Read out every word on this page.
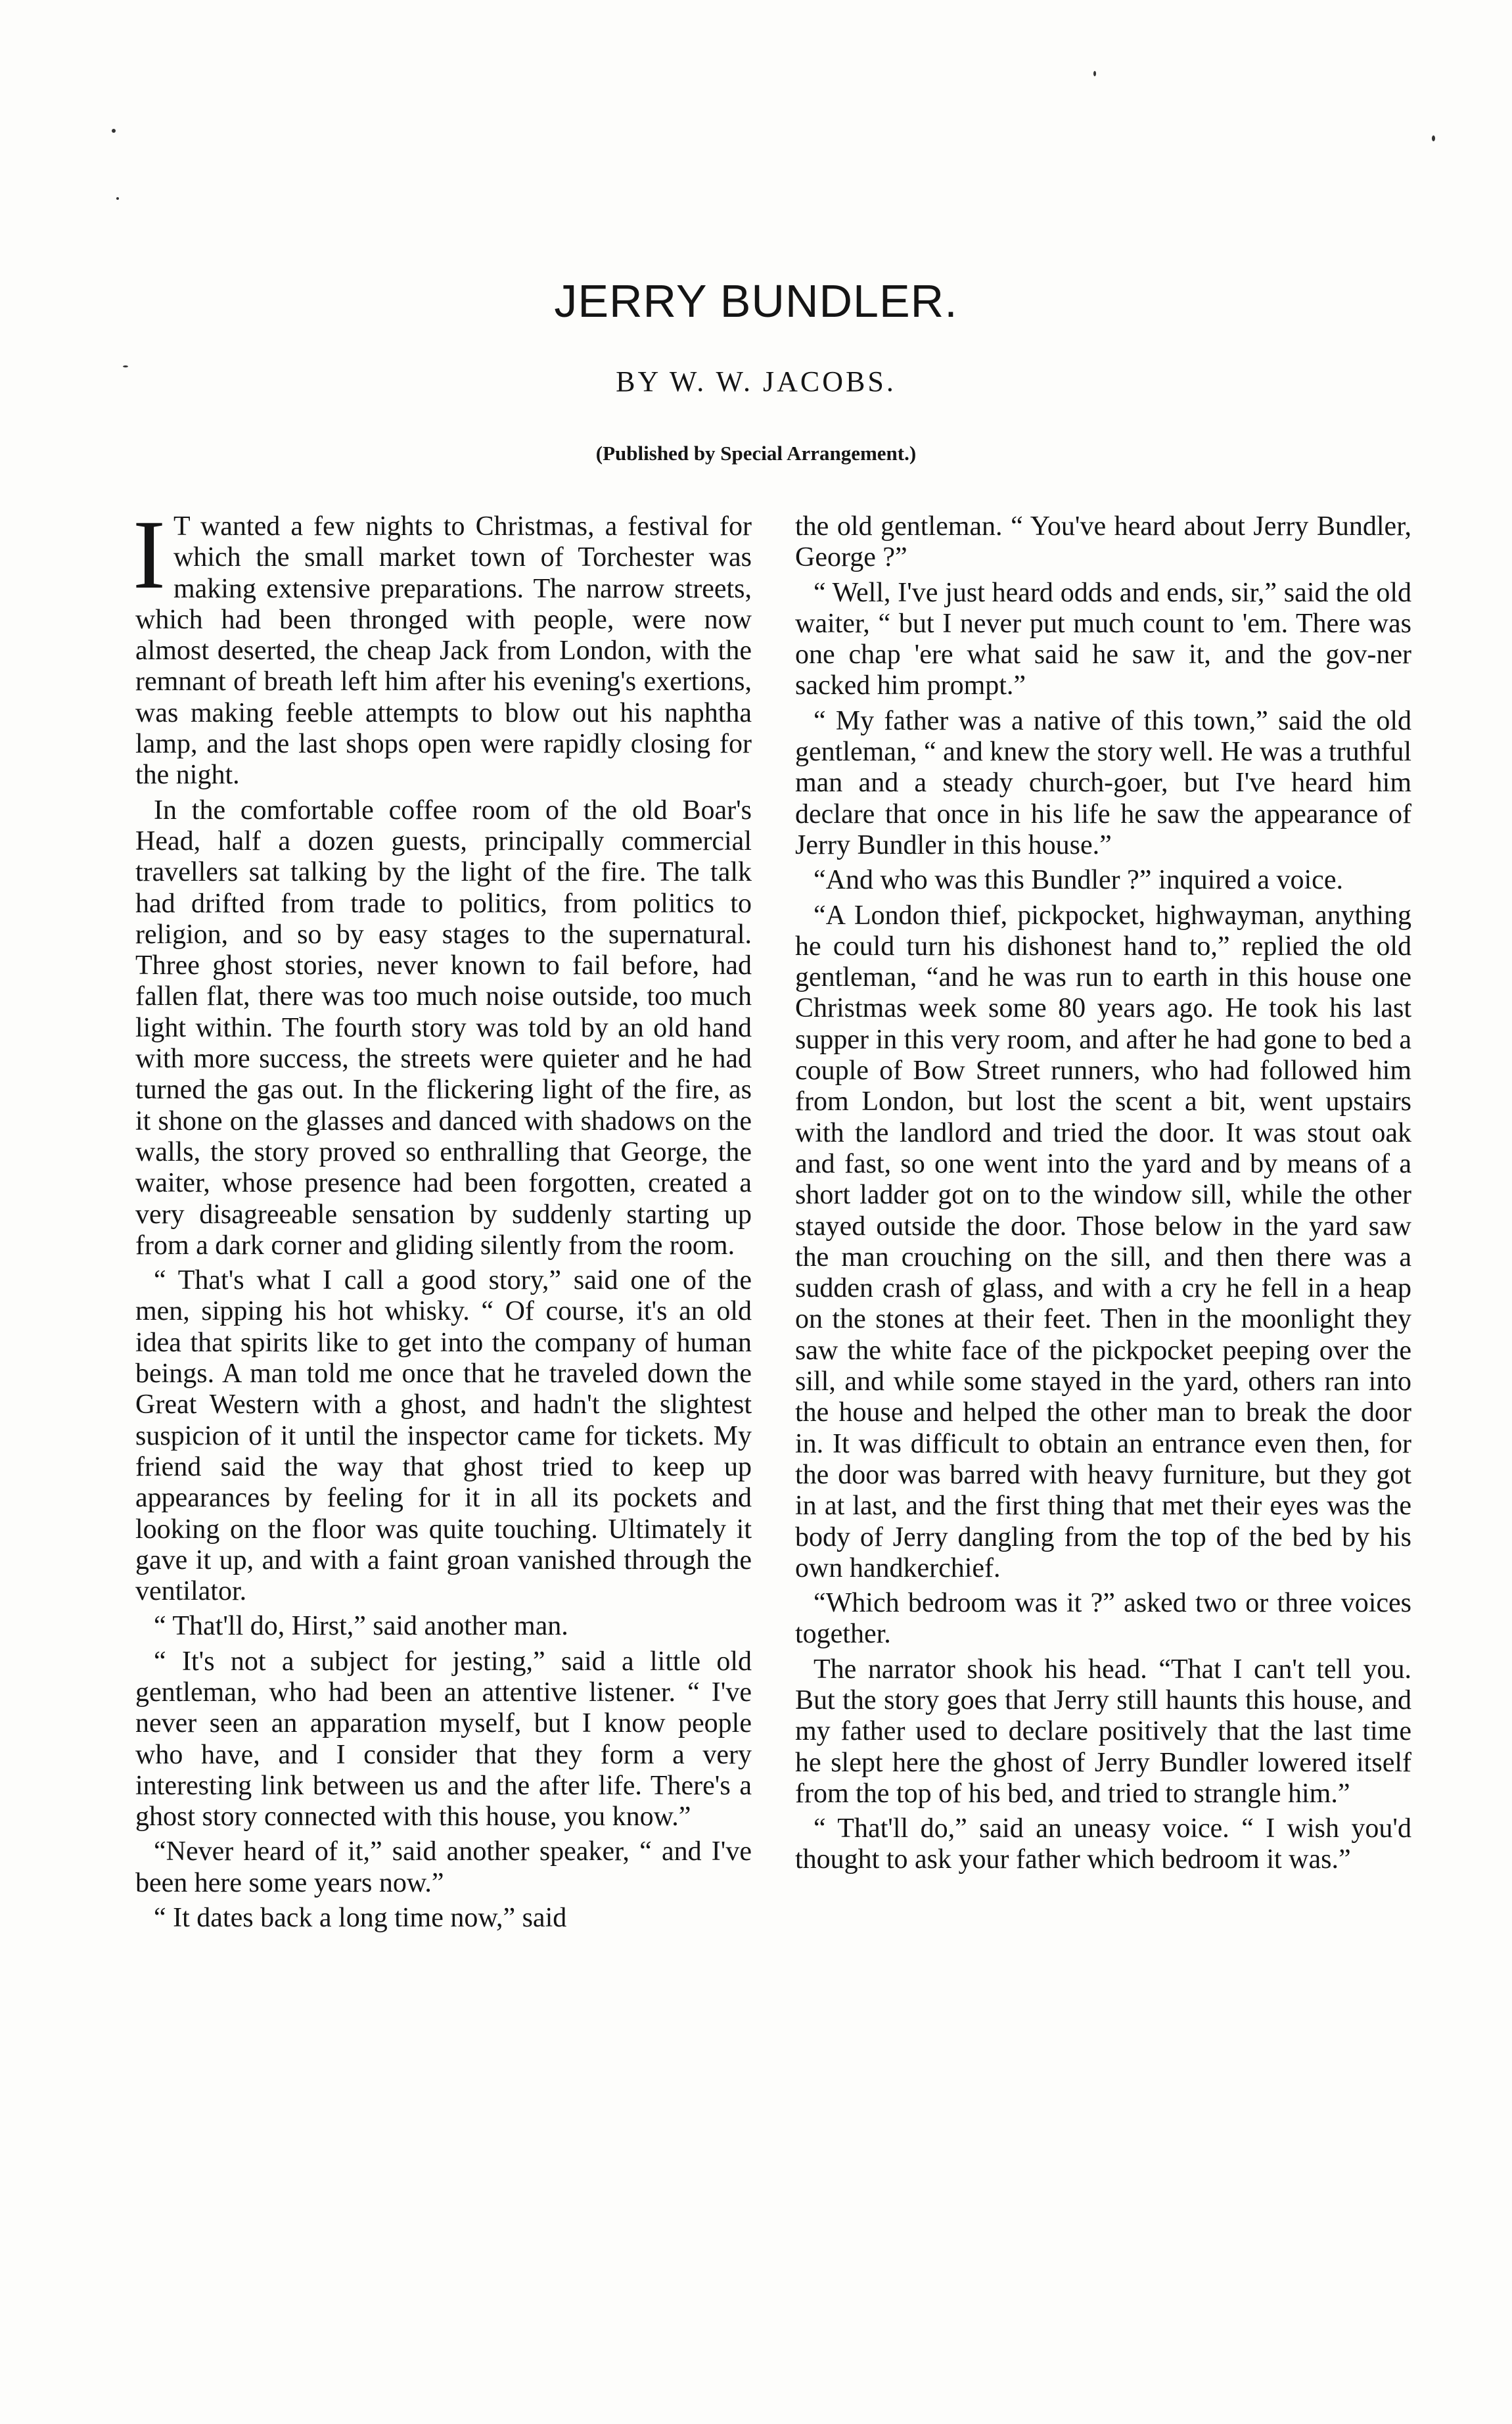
JERRY BUNDLER.
BY W. W. JACOBS.
(Published by Special Arrangement.)

I T wanted a few nights to Christmas, a festival for which the small market town of Torchester was making extensive preparations. The narrow streets, which had been thronged with people, were now almost deserted, the cheap Jack from London, with the remnant of breath left him after his evening's exertions, was making feeble attempts to blow out his naphtha lamp, and the last shops open were rapidly closing for the night.

In the comfortable coffee room of the old Boar's Head, half a dozen guests, principally commercial travellers sat talking by the light of the fire. The talk had drifted from trade to politics, from politics to religion, and so by easy stages to the supernatural. Three ghost stories, never known to fail before, had fallen flat, there was too much noise outside, too much light within. The fourth story was told by an old hand with more success, the streets were quieter and he had turned the gas out. In the flickering light of the fire, as it shone on the glasses and danced with shadows on the walls, the story proved so enthralling that George, the waiter, whose presence had been forgotten, created a very disagreeable sensation by suddenly starting up from a dark corner and gliding silently from the room.

“ That's what I call a good story,” said one of the men, sipping his hot whisky. “ Of course, it's an old idea that spirits like to get into the company of human beings. A man told me once that he traveled down the Great Western with a ghost, and hadn't the slightest suspicion of it until the inspector came for tickets. My friend said the way that ghost tried to keep up appearances by feeling for it in all its pockets and looking on the floor was quite touching. Ultimately it gave it up, and with a faint groan vanished through the ventilator.

“ That'll do, Hirst,” said another man.

“ It's not a subject for jesting,” said a little old gentleman, who had been an attentive listener. “ I've never seen an apparation myself, but I know people who have, and I consider that they form a very interesting link between us and the after life. There's a ghost story connected with this house, you know.”

“Never heard of it,” said another speaker, “ and I've been here some years now.”

“ It dates back a long time now,” said

the old gentleman. “ You've heard about Jerry Bundler, George ?”

“ Well, I've just heard odds and ends, sir,” said the old waiter, “ but I never put much count to 'em. There was one chap 'ere what said he saw it, and the gov-ner sacked him prompt.”

“ My father was a native of this town,” said the old gentleman, “ and knew the story well. He was a truthful man and a steady church-goer, but I've heard him declare that once in his life he saw the appearance of Jerry Bundler in this house.”

“And who was this Bundler ?” inquired a voice.

“A London thief, pickpocket, highwayman, anything he could turn his dishonest hand to,” replied the old gentleman, “and he was run to earth in this house one Christmas week some 80 years ago. He took his last supper in this very room, and after he had gone to bed a couple of Bow Street runners, who had followed him from London, but lost the scent a bit, went upstairs with the landlord and tried the door. It was stout oak and fast, so one went into the yard and by means of a short ladder got on to the window sill, while the other stayed outside the door. Those below in the yard saw the man crouching on the sill, and then there was a sudden crash of glass, and with a cry he fell in a heap on the stones at their feet. Then in the moonlight they saw the white face of the pickpocket peeping over the sill, and while some stayed in the yard, others ran into the house and helped the other man to break the door in. It was difficult to obtain an entrance even then, for the door was barred with heavy furniture, but they got in at last, and the first thing that met their eyes was the body of Jerry dangling from the top of the bed by his own handkerchief.

“Which bedroom was it ?” asked two or three voices together.

The narrator shook his head. “That I can't tell you. But the story goes that Jerry still haunts this house, and my father used to declare positively that the last time he slept here the ghost of Jerry Bundler lowered itself from the top of his bed, and tried to strangle him.”

“ That'll do,” said an uneasy voice. “ I wish you'd thought to ask your father which bedroom it was.”
